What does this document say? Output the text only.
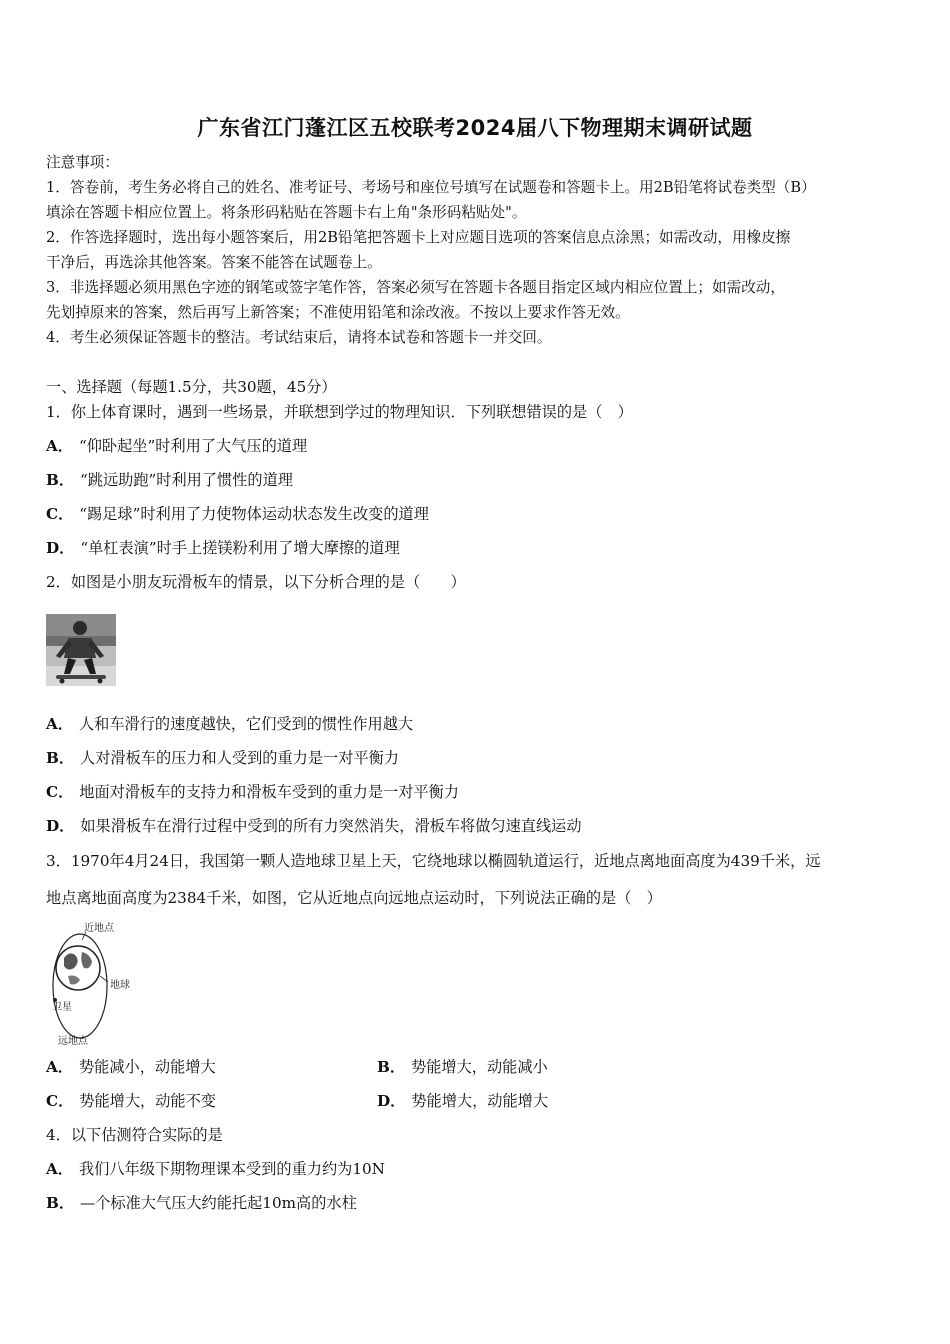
广东省江门蓬江区五校联考2024届八下物理期末调研试题
注意事项：
1．答卷前，考生务必将自己的姓名、准考证号、考场号和座位号填写在试题卷和答题卡上。用2B铅笔将试卷类型（B）
填涂在答题卡相应位置上。将条形码粘贴在答题卡右上角"条形码粘贴处"。
2．作答选择题时，选出每小题答案后，用2B铅笔把答题卡上对应题目选项的答案信息点涂黑；如需改动，用橡皮擦
干净后，再选涂其他答案。答案不能答在试题卷上。
3．非选择题必须用黑色字迹的钢笔或签字笔作答，答案必须写在答题卡各题目指定区域内相应位置上；如需改动，
先划掉原来的答案，然后再写上新答案；不准使用铅笔和涂改液。不按以上要求作答无效。
4．考生必须保证答题卡的整洁。考试结束后，请将本试卷和答题卡一并交回。
一、选择题（每题1.5分，共30题，45分）
1．你上体育课时，遇到一些场景，并联想到学过的物理知识．下列联想错误的是（　）
A． “仰卧起坐”时利用了大气压的道理
B． “跳远助跑”时利用了惯性的道理
C． “踢足球”时利用了力使物体运动状态发生改变的道理
D． “单杠表演”时手上搓镁粉利用了增大摩擦的道理
2．如图是小朋友玩滑板车的情景，以下分析合理的是（　　）
A． 人和车滑行的速度越快，它们受到的惯性作用越大
B． 人对滑板车的压力和人受到的重力是一对平衡力
C． 地面对滑板车的支持力和滑板车受到的重力是一对平衡力
D． 如果滑板车在滑行过程中受到的所有力突然消失，滑板车将做匀速直线运动
3．1970年4月24日，我国第一颗人造地球卫星上天，它绕地球以椭圆轨道运行，近地点离地面高度为439千米，远
地点离地面高度为2384千米，如图，它从近地点向远地点运动时，下列说法正确的是（　）
近地点
地球
卫星
远地点
A． 势能减小，动能增大	B． 势能增大，动能减小
C． 势能增大，动能不变	D． 势能增大，动能增大
4．以下估测符合实际的是
A． 我们八年级下期物理课本受到的重力约为10N
B． —个标准大气压大约能托起10m高的水柱
